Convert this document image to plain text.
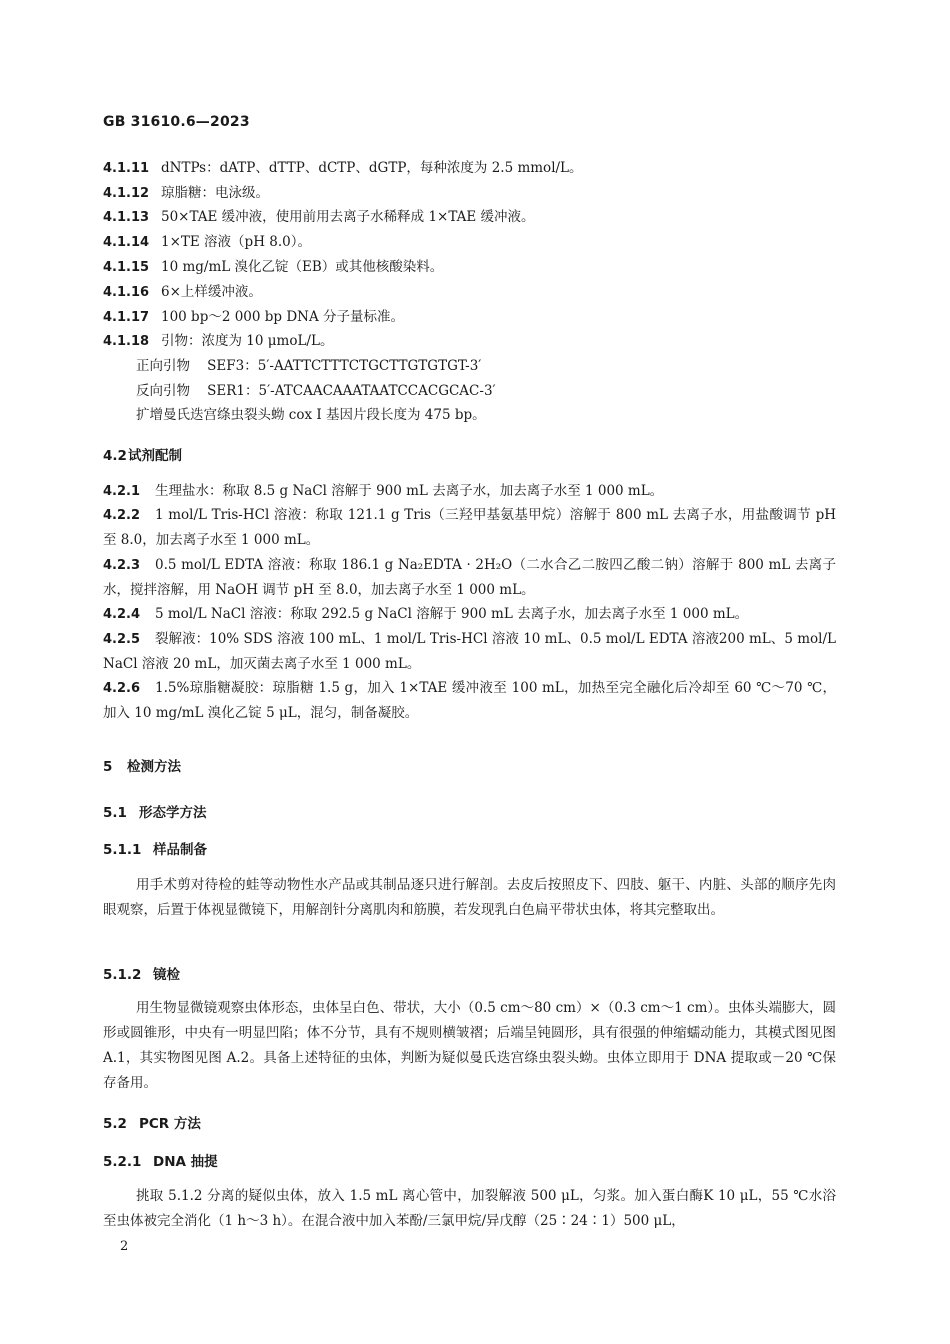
GB 31610.6—2023
4.1.11 dNTPs：dATP、dTTP、dCTP、dGTP，每种浓度为 2.5 mmol/L。
4.1.12 琼脂糖：电泳级。
4.1.13 50×TAE 缓冲液，使用前用去离子水稀释成 1×TAE 缓冲液。
4.1.14 1×TE 溶液（pH 8.0）。
4.1.15 10 mg/mL 溴化乙锭（EB）或其他核酸染料。
4.1.16 6×上样缓冲液。
4.1.17 100 bp～2 000 bp DNA 分子量标准。
4.1.18 引物：浓度为 10 μmoL/L。
正向引物    SEF3：5′-AATTCTTTCTGCTTGTGTGT-3′
反向引物    SER1：5′-ATCAACAAATAATCCACGCAC-3′
扩增曼氏迭宫绦虫裂头蚴 cox I 基因片段长度为 475 bp。
4.2试剂配制
4.2.1 生理盐水：称取 8.5 g NaCl 溶解于 900 mL 去离子水，加去离子水至 1 000 mL。
4.2.2 1 mol/L Tris-HCl 溶液：称取 121.1 g Tris（三羟甲基氨基甲烷）溶解于 800 mL 去离子水，用盐酸调节 pH 至 8.0，加去离子水至 1 000 mL。
4.2.3 0.5 mol/L EDTA 溶液：称取 186.1 g Na₂EDTA · 2H₂O（二水合乙二胺四乙酸二钠）溶解于 800 mL 去离子水，搅拌溶解，用 NaOH 调节 pH 至 8.0，加去离子水至 1 000 mL。
4.2.4 5 mol/L NaCl 溶液：称取 292.5 g NaCl 溶解于 900 mL 去离子水，加去离子水至 1 000 mL。
4.2.5 裂解液：10% SDS 溶液 100 mL、1 mol/L Tris-HCl 溶液 10 mL、0.5 mol/L EDTA 溶液200 mL、5 mol/L NaCl 溶液 20 mL，加灭菌去离子水至 1 000 mL。
4.2.6 1.5%琼脂糖凝胶：琼脂糖 1.5 g，加入 1×TAE 缓冲液至 100 mL，加热至完全融化后冷却至 60 ℃～70 ℃，加入 10 mg/mL 溴化乙锭 5 μL，混匀，制备凝胶。
5 检测方法
5.1 形态学方法
5.1.1 样品制备
用手术剪对待检的蛙等动物性水产品或其制品逐只进行解剖。去皮后按照皮下、四肢、躯干、内脏、头部的顺序先肉眼观察，后置于体视显微镜下，用解剖针分离肌肉和筋膜，若发现乳白色扁平带状虫体，将其完整取出。
5.1.2 镜检
用生物显微镜观察虫体形态，虫体呈白色、带状，大小（0.5 cm～80 cm）×（0.3 cm～1 cm）。虫体头端膨大，圆形或圆锥形，中央有一明显凹陷；体不分节，具有不规则横皱褶；后端呈钝圆形，具有很强的伸缩蠕动能力，其模式图见图 A.1，其实物图见图 A.2。具备上述特征的虫体，判断为疑似曼氏迭宫绦虫裂头蚴。虫体立即用于 DNA 提取或－20 ℃保存备用。
5.2 PCR 方法
5.2.1 DNA 抽提
挑取 5.1.2 分离的疑似虫体，放入 1.5 mL 离心管中，加裂解液 500 μL，匀浆。加入蛋白酶K 10 μL，55 ℃水浴至虫体被完全消化（1 h～3 h）。在混合液中加入苯酚/三氯甲烷/异戊醇（25∶24∶1）500 μL，
2
